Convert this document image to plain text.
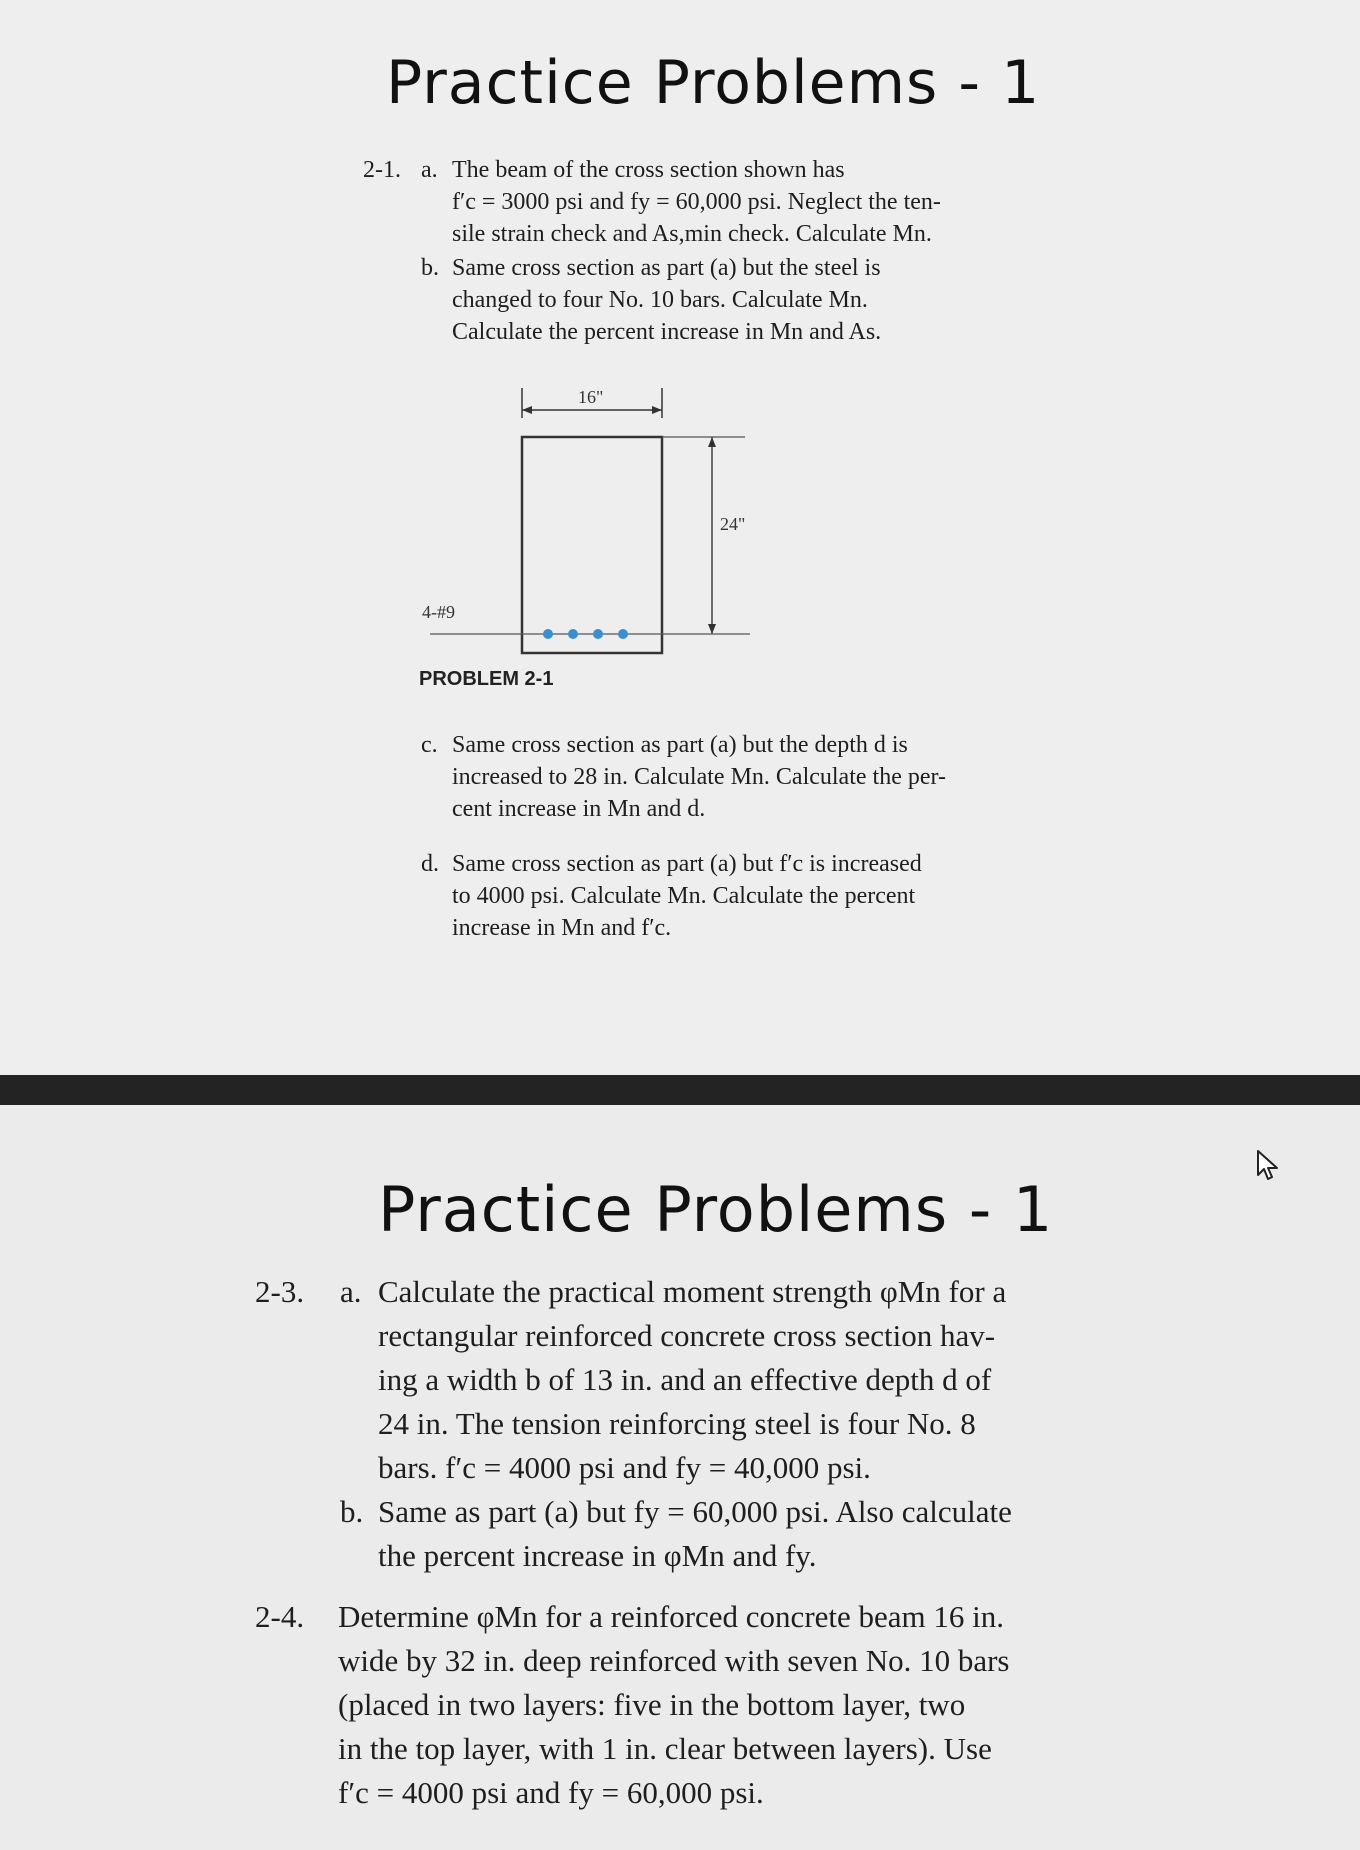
Practice Problems - 1
2-1. a. The beam of the cross section shown has
f′c = 3000 psi and fy = 60,000 psi. Neglect the ten-
sile strain check and As,min check. Calculate Mn.
b. Same cross section as part (a) but the steel is
changed to four No. 10 bars. Calculate Mn.
Calculate the percent increase in Mn and As.
16"
24"
4-#9
PROBLEM 2-1
c. Same cross section as part (a) but the depth d is
increased to 28 in. Calculate Mn. Calculate the per-
cent increase in Mn and d.
d. Same cross section as part (a) but f′c is increased
to 4000 psi. Calculate Mn. Calculate the percent
increase in Mn and f′c.
Practice Problems - 1
2-3. a. Calculate the practical moment strength φMn for a
rectangular reinforced concrete cross section hav-
ing a width b of 13 in. and an effective depth d of
24 in. The tension reinforcing steel is four No. 8
bars. f′c = 4000 psi and fy = 40,000 psi.
b. Same as part (a) but fy = 60,000 psi. Also calculate
the percent increase in φMn and fy.
2-4. Determine φMn for a reinforced concrete beam 16 in.
wide by 32 in. deep reinforced with seven No. 10 bars
(placed in two layers: five in the bottom layer, two
in the top layer, with 1 in. clear between layers). Use
f′c = 4000 psi and fy = 60,000 psi.
